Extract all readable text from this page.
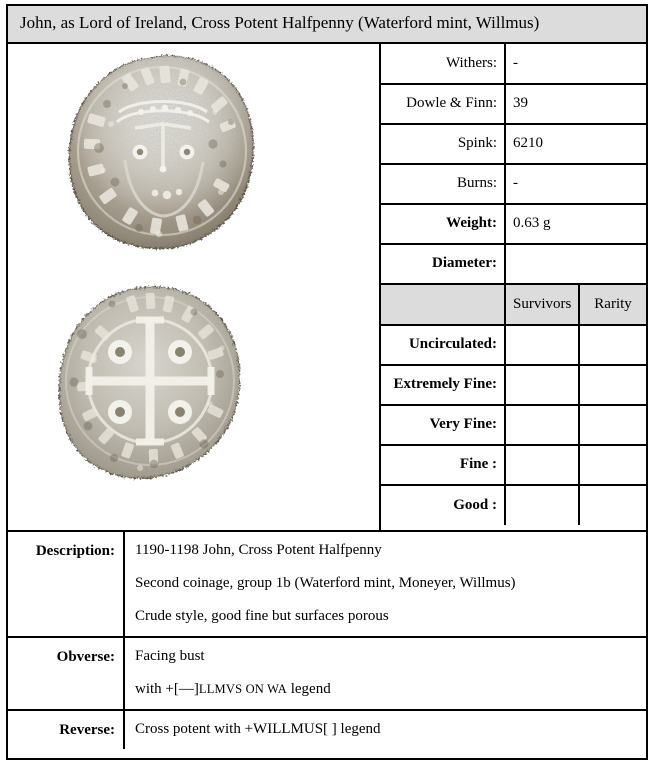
John, as Lord of Ireland, Cross Potent Halfpenny (Waterford mint, Willmus)
Withers:	-
Dowle & Finn:	39
Spink:	6210
Burns:	-
Weight:	0.63 g
Diameter:	
	Survivors	Rarity
Uncirculated:		
Extremely Fine:		
Very Fine:		
Fine :		
Good :		
Description:	1190-1198 John, Cross Potent Halfpenny
Second coinage, group 1b (Waterford mint, Moneyer, Willmus)
Crude style, good fine but surfaces porous

Obverse:	Facing bust
with +[—]LLMVS ON WA legend

Reverse:	Cross potent with +WILLMUS[ ] legend
